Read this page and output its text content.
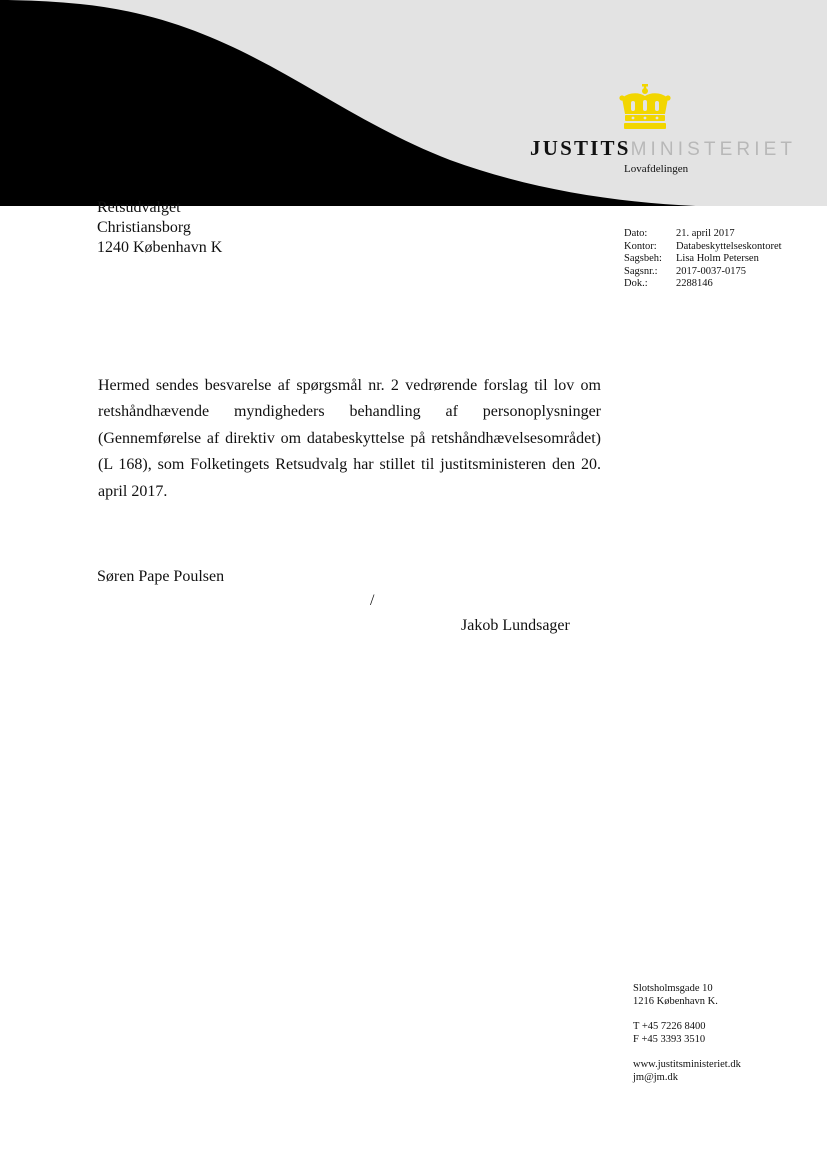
JUSTITSMINISTERIET
Lovafdelingen
Retsudvalget
Christiansborg
1240 København K
Dato:	21. april 2017
Kontor:	Databeskyttelseskontoret
Sagsbeh:	Lisa Holm Petersen
Sagsnr.:	2017-0037-0175
Dok.:	2288146
Hermed sendes besvarelse af spørgsmål nr. 2 vedrørende forslag til lov om retshåndhævende myndigheders behandling af personoplysninger (Gennemførelse af direktiv om databeskyttelse på retshåndhævelsesområdet) (L 168), som Folketingets Retsudvalg har stillet til justitsministeren den 20. april 2017.
Søren Pape Poulsen
/
Jakob Lundsager
Slotsholmsgade 10
1216 København K.
T +45 7226 8400
F +45 3393 3510
www.justitsministeriet.dk
jm@jm.dk
